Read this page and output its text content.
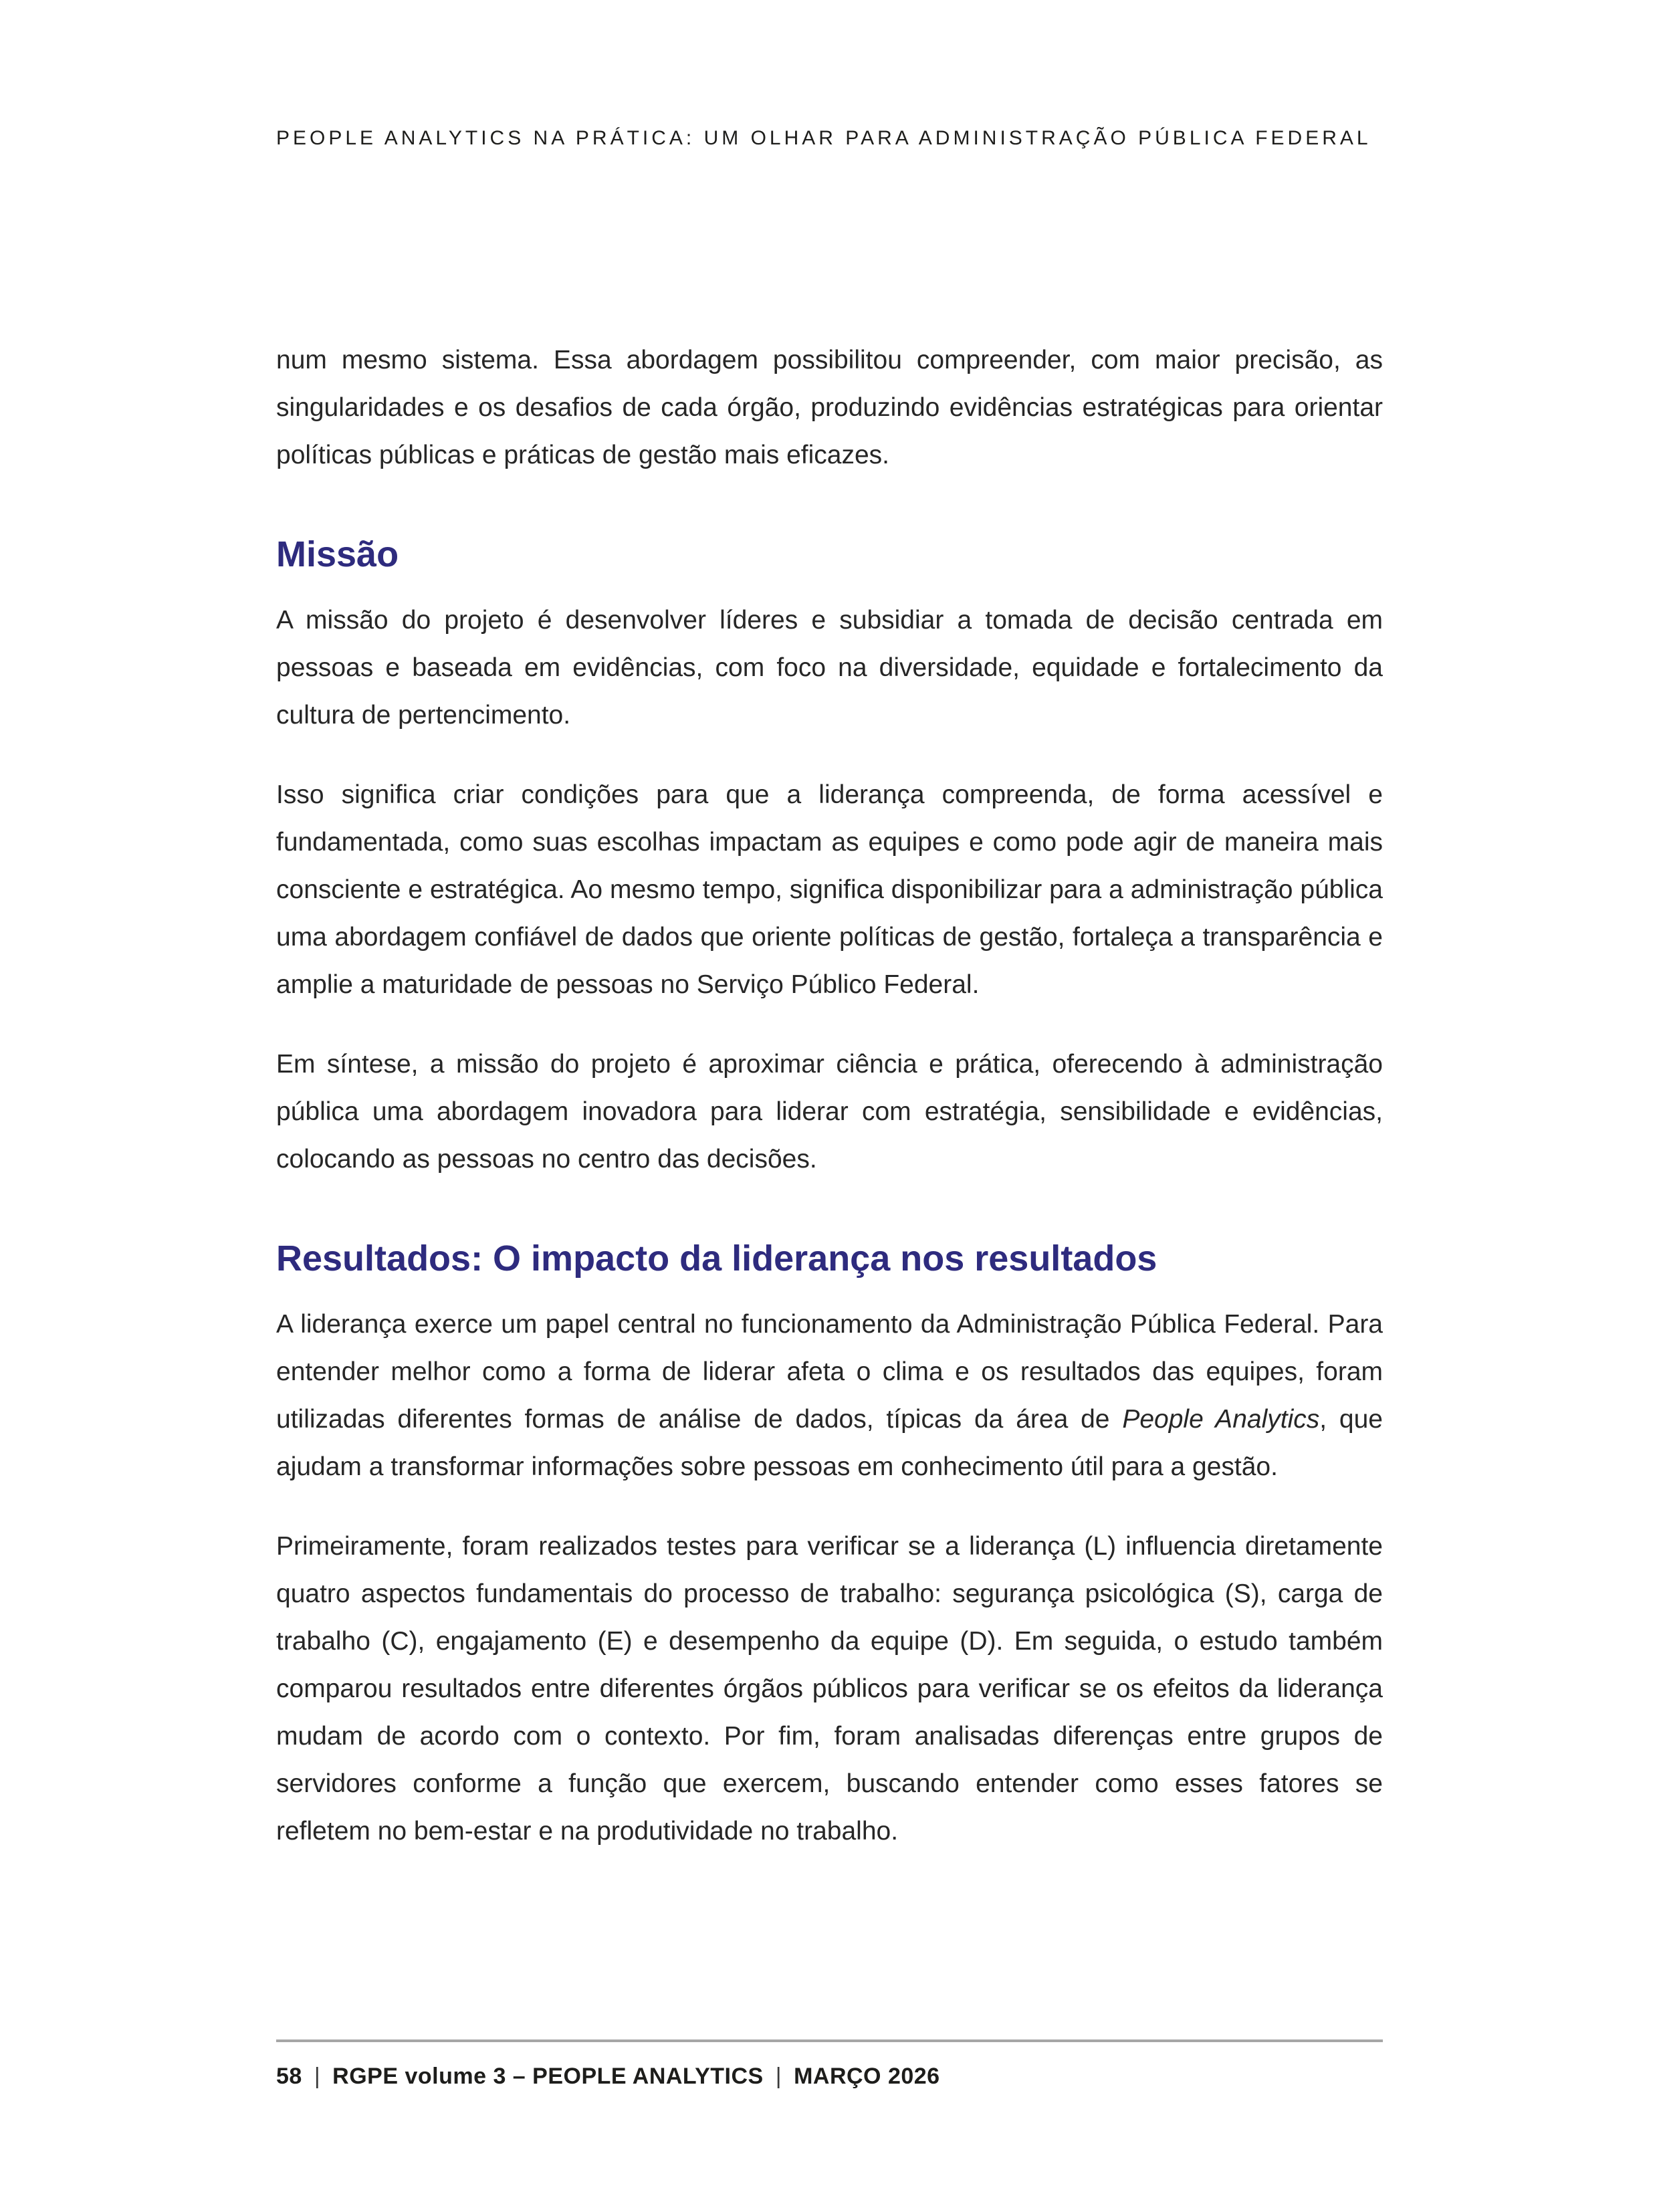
PEOPLE ANALYTICS NA PRÁTICA: UM OLHAR PARA ADMINISTRAÇÃO PÚBLICA FEDERAL

num mesmo sistema. Essa abordagem possibilitou compreender, com maior precisão, as singularidades e os desafios de cada órgão, produzindo evidências estratégicas para orientar políticas públicas e práticas de gestão mais eficazes.

Missão

A missão do projeto é desenvolver líderes e subsidiar a tomada de decisão centrada em pessoas e baseada em evidências, com foco na diversidade, equidade e fortalecimento da cultura de pertencimento.

Isso significa criar condições para que a liderança compreenda, de forma acessível e fundamentada, como suas escolhas impactam as equipes e como pode agir de maneira mais consciente e estratégica. Ao mesmo tempo, significa disponibilizar para a administração pública uma abordagem confiável de dados que oriente políticas de gestão, fortaleça a transparência e amplie a maturidade de pessoas no Serviço Público Federal.

Em síntese, a missão do projeto é aproximar ciência e prática, oferecendo à administração pública uma abordagem inovadora para liderar com estratégia, sensibilidade e evidências, colocando as pessoas no centro das decisões.

Resultados: O impacto da liderança nos resultados

A liderança exerce um papel central no funcionamento da Administração Pública Federal. Para entender melhor como a forma de liderar afeta o clima e os resultados das equipes, foram utilizadas diferentes formas de análise de dados, típicas da área de People Analytics, que ajudam a transformar informações sobre pessoas em conhecimento útil para a gestão.

Primeiramente, foram realizados testes para verificar se a liderança (L) influencia diretamente quatro aspectos fundamentais do processo de trabalho: segurança psicológica (S), carga de trabalho (C), engajamento (E) e desempenho da equipe (D). Em seguida, o estudo também comparou resultados entre diferentes órgãos públicos para verificar se os efeitos da liderança mudam de acordo com o contexto. Por fim, foram analisadas diferenças entre grupos de servidores conforme a função que exercem, buscando entender como esses fatores se refletem no bem-estar e na produtividade no trabalho.

58 | RGPE volume 3 – PEOPLE ANALYTICS | MARÇO 2026
